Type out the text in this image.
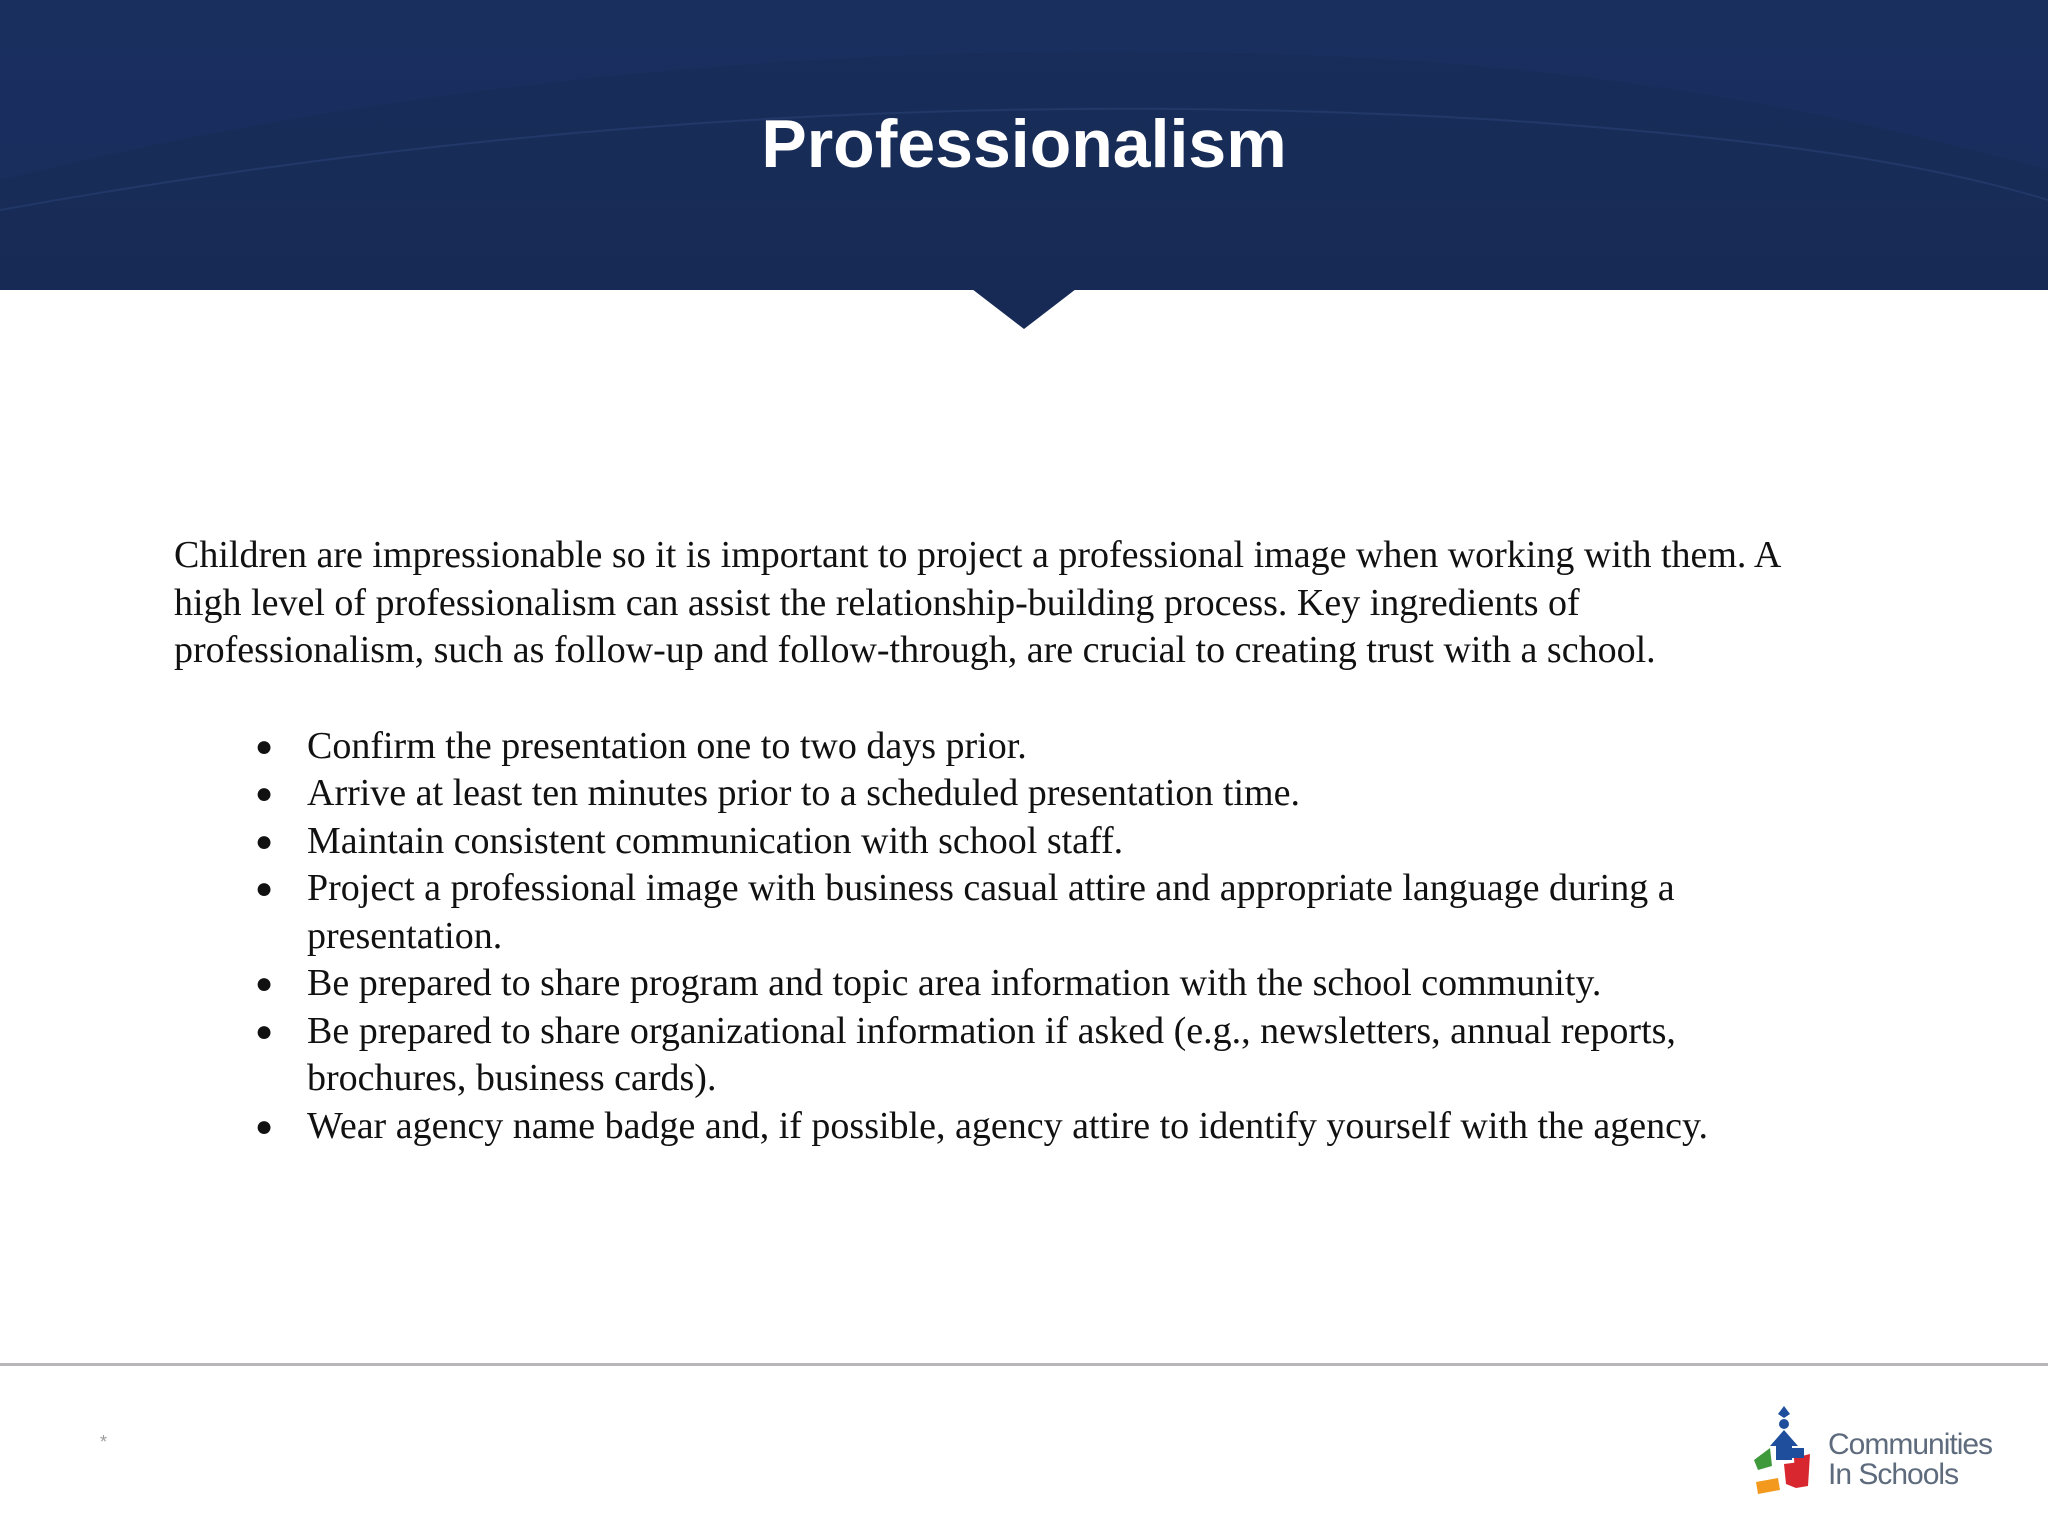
Professionalism

Children are impressionable so it is important to project a professional image when working with them. A high level of professionalism can assist the relationship-building process. Key ingredients of professionalism, such as follow-up and follow-through, are crucial to creating trust with a school.

● Confirm the presentation one to two days prior.
● Arrive at least ten minutes prior to a scheduled presentation time.
● Maintain consistent communication with school staff.
● Project a professional image with business casual attire and appropriate language during a presentation.
● Be prepared to share program and topic area information with the school community.
● Be prepared to share organizational information if asked (e.g., newsletters, annual reports, brochures, business cards).
● Wear agency name badge and, if possible, agency attire to identify yourself with the agency.
*	Communities
In Schools
